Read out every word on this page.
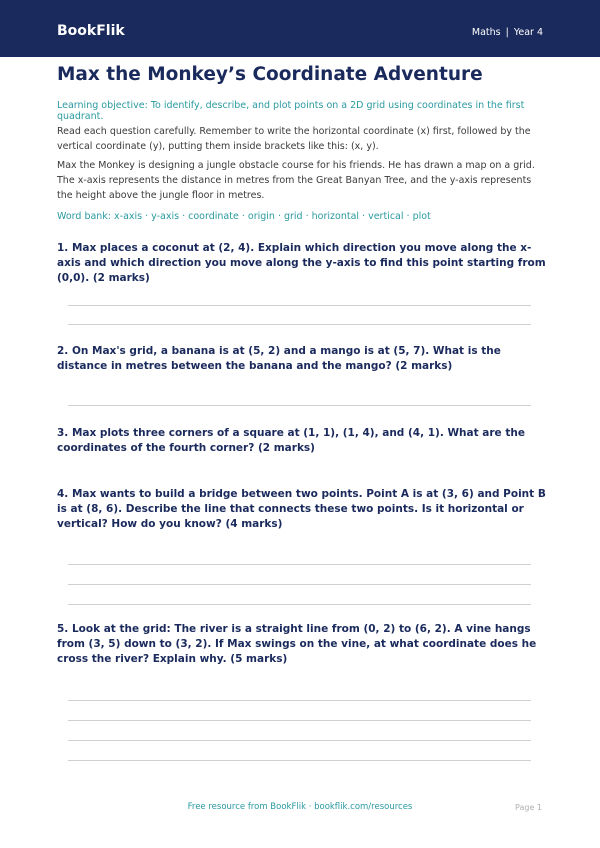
BookFlik	Maths | Year 4
Max the Monkey’s Coordinate Adventure
Learning objective: To identify, describe, and plot points on a 2D grid using coordinates in the first quadrant.
Read each question carefully. Remember to write the horizontal coordinate (x) first, followed by the vertical coordinate (y), putting them inside brackets like this: (x, y).
Max the Monkey is designing a jungle obstacle course for his friends. He has drawn a map on a grid. The x-axis represents the distance in metres from the Great Banyan Tree, and the y-axis represents the height above the jungle floor in metres.
Word bank: x-axis · y-axis · coordinate · origin · grid · horizontal · vertical · plot
1. Max places a coconut at (2, 4). Explain which direction you move along the x-axis and which direction you move along the y-axis to find this point starting from (0,0). (2 marks)
2. On Max's grid, a banana is at (5, 2) and a mango is at (5, 7). What is the distance in metres between the banana and the mango? (2 marks)
3. Max plots three corners of a square at (1, 1), (1, 4), and (4, 1). What are the coordinates of the fourth corner? (2 marks)
4. Max wants to build a bridge between two points. Point A is at (3, 6) and Point B is at (8, 6). Describe the line that connects these two points. Is it horizontal or vertical? How do you know? (4 marks)
5. Look at the grid: The river is a straight line from (0, 2) to (6, 2). A vine hangs from (3, 5) down to (3, 2). If Max swings on the vine, at what coordinate does he cross the river? Explain why. (5 marks)
Free resource from BookFlik · bookflik.com/resources	Page 1
